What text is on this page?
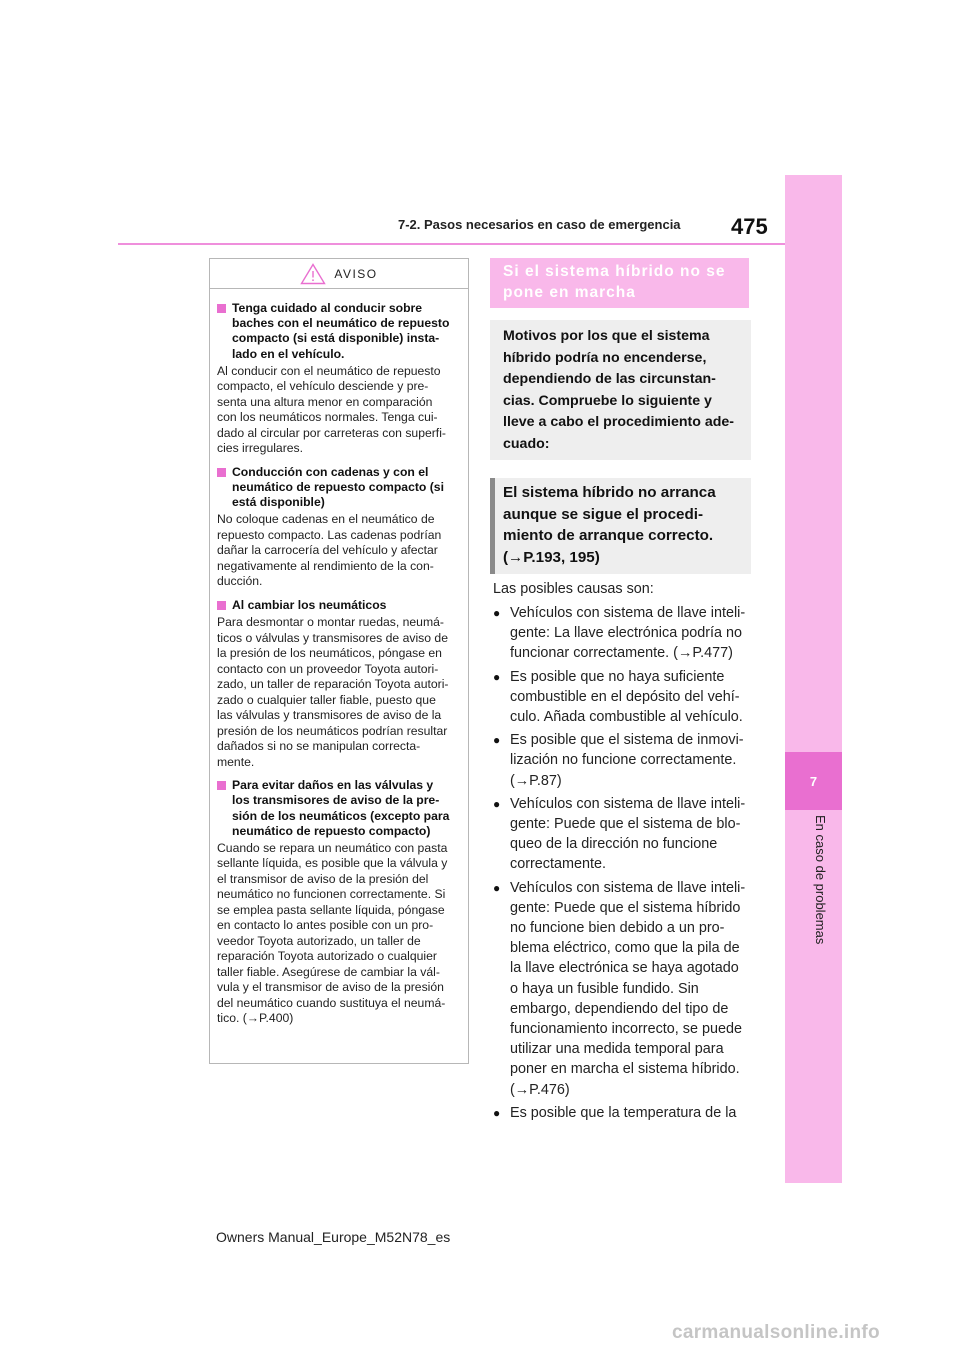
7
En caso de problemas
7-2. Pasos necesarios en caso de emergencia 475
AVISO
Tenga cuidado al conducir sobre
baches con el neumático de repuesto
compacto (si está disponible) insta-
lado en el vehículo.
Al conducir con el neumático de repuesto
compacto, el vehículo desciende y pre-
senta una altura menor en comparación
con los neumáticos normales. Tenga cui-
dado al circular por carreteras con superfi-
cies irregulares.
Conducción con cadenas y con el
neumático de repuesto compacto (si
está disponible)
No coloque cadenas en el neumático de
repuesto compacto. Las cadenas podrían
dañar la carrocería del vehículo y afectar
negativamente al rendimiento de la con-
ducción.
Al cambiar los neumáticos
Para desmontar o montar ruedas, neumá-
ticos o válvulas y transmisores de aviso de
la presión de los neumáticos, póngase en
contacto con un proveedor Toyota autori-
zado, un taller de reparación Toyota autori-
zado o cualquier taller fiable, puesto que
las válvulas y transmisores de aviso de la
presión de los neumáticos podrían resultar
dañados si no se manipulan correcta-
mente.
Para evitar daños en las válvulas y
los transmisores de aviso de la pre-
sión de los neumáticos (excepto para
neumático de repuesto compacto)
Cuando se repara un neumático con pasta
sellante líquida, es posible que la válvula y
el transmisor de aviso de la presión del
neumático no funcionen correctamente. Si
se emplea pasta sellante líquida, póngase
en contacto lo antes posible con un pro-
veedor Toyota autorizado, un taller de
reparación Toyota autorizado o cualquier
taller fiable. Asegúrese de cambiar la vál-
vula y el transmisor de aviso de la presión
del neumático cuando sustituya el neumá-
tico. (→P.400)
Si el sistema híbrido no se
pone en marcha
Motivos por los que el sistema
híbrido podría no encenderse,
dependiendo de las circunstan-
cias. Compruebe lo siguiente y
lleve a cabo el procedimiento ade-
cuado:
El sistema híbrido no arranca
aunque se sigue el procedi-
miento de arranque correcto.
(→P.193, 195)
Las posibles causas son:
● Vehículos con sistema de llave inteli-
gente: La llave electrónica podría no
funcionar correctamente. (→P.477)
● Es posible que no haya suficiente
combustible en el depósito del vehí-
culo. Añada combustible al vehículo.
● Es posible que el sistema de inmovi-
lización no funcione correctamente.
(→P.87)
● Vehículos con sistema de llave inteli-
gente: Puede que el sistema de blo-
queo de la dirección no funcione
correctamente.
● Vehículos con sistema de llave inteli-
gente: Puede que el sistema híbrido
no funcione bien debido a un pro-
blema eléctrico, como que la pila de
la llave electrónica se haya agotado
o haya un fusible fundido. Sin
embargo, dependiendo del tipo de
funcionamiento incorrecto, se puede
utilizar una medida temporal para
poner en marcha el sistema híbrido.
(→P.476)
● Es posible que la temperatura de la
Owners Manual_Europe_M52N78_es
carmanualsonline.info
